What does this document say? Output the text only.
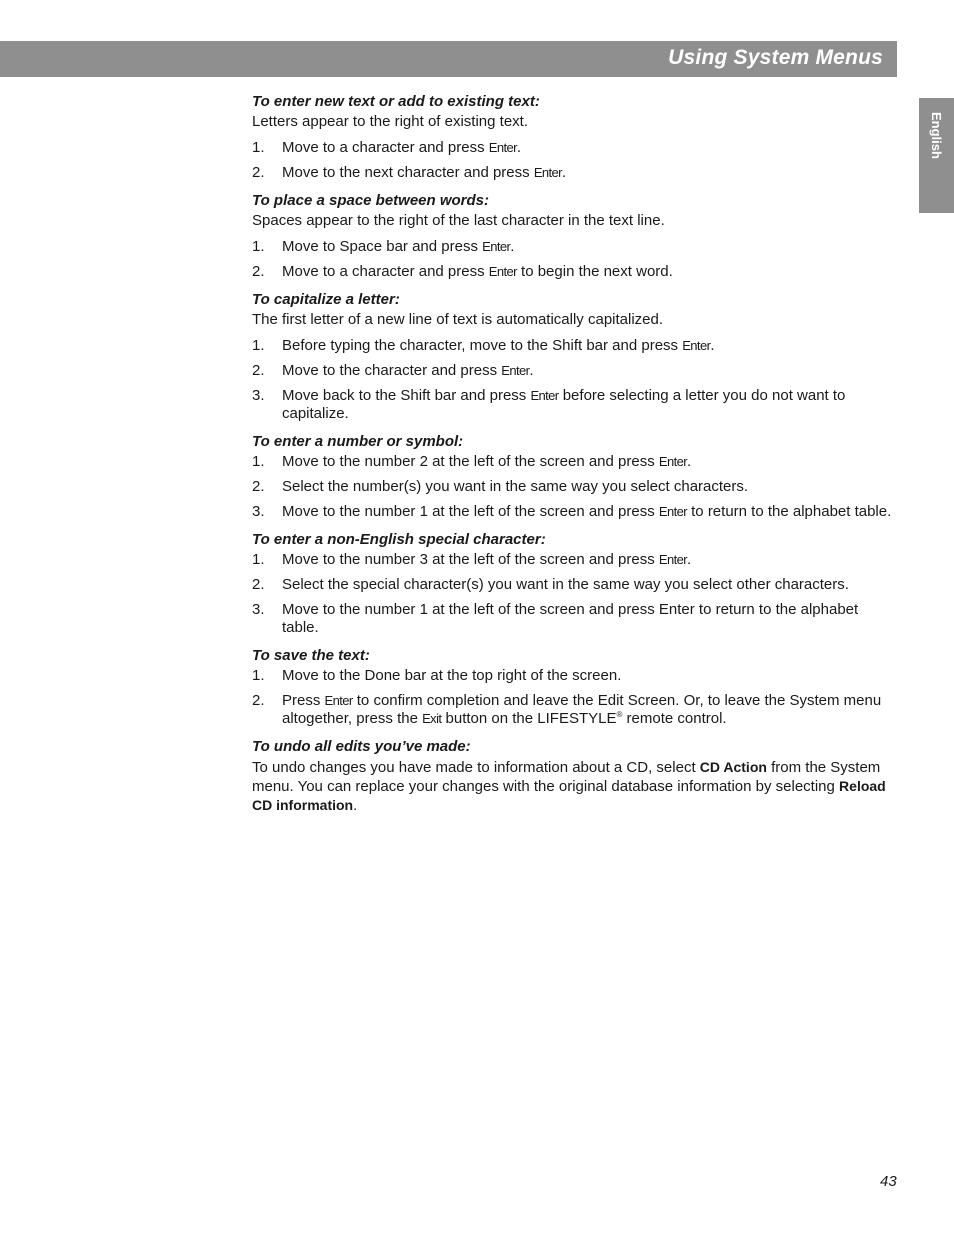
Using System Menus
English
To enter new text or add to existing text:
Letters appear to the right of existing text.
1.	Move to a character and press Enter.
2.	Move to the next character and press Enter.
To place a space between words:
Spaces appear to the right of the last character in the text line.
1.	Move to Space bar and press Enter.
2.	Move to a character and press Enter to begin the next word.
To capitalize a letter:
The first letter of a new line of text is automatically capitalized.
1.	Before typing the character, move to the Shift bar and press Enter.
2.	Move to the character and press Enter.
3.	Move back to the Shift bar and press Enter before selecting a letter you do not want to capitalize.
To enter a number or symbol:
1.	Move to the number 2 at the left of the screen and press Enter.
2.	Select the number(s) you want in the same way you select characters.
3.	Move to the number 1 at the left of the screen and press Enter to return to the alphabet table.
To enter a non-English special character:
1.	Move to the number 3 at the left of the screen and press Enter.
2.	Select the special character(s) you want in the same way you select other characters.
3.	Move to the number 1 at the left of the screen and press Enter to return to the alphabet table.
To save the text:
1.	Move to the Done bar at the top right of the screen.
2.	Press Enter to confirm completion and leave the Edit Screen. Or, to leave the System menu altogether, press the Exit button on the LIFESTYLE® remote control.
To undo all edits you’ve made:

To undo changes you have made to information about a CD, select CD Action from the System menu. You can replace your changes with the original database information by selecting Reload CD information.

43
